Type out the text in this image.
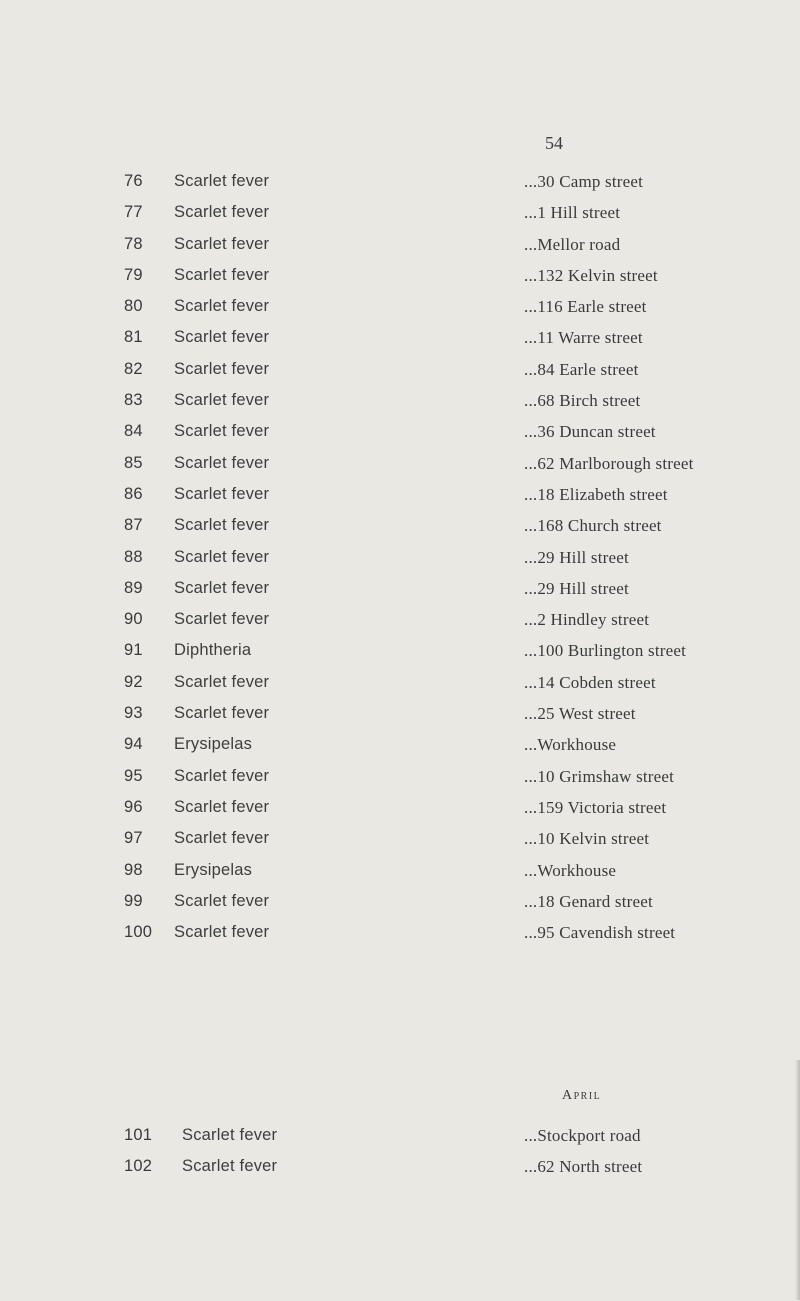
54
76 Scarlet fever	...30 Camp street
77 Scarlet fever	...1 Hill street
78 Scarlet fever	...Mellor road
79 Scarlet fever	...132 Kelvin street
80 Scarlet fever	...116 Earle street
81 Scarlet fever	...11 Warre street
82 Scarlet fever	...84 Earle street
83 Scarlet fever	...68 Birch street
84 Scarlet fever	...36 Duncan street
85 Scarlet fever	...62 Marlborough street
86 Scarlet fever	...18 Elizabeth street
87 Scarlet fever	...168 Church street
88 Scarlet fever	...29 Hill street
89 Scarlet fever	...29 Hill street
90 Scarlet fever	...2 Hindley street
91 Diphtheria	...100 Burlington street
92 Scarlet fever	...14 Cobden street
93 Scarlet fever	...25 West street
94 Erysipelas	...Workhouse
95 Scarlet fever	...10 Grimshaw street
96 Scarlet fever	...159 Victoria street
97 Scarlet fever	...10 Kelvin street
98 Erysipelas	...Workhouse
99 Scarlet fever	...18 Genard street
100 Scarlet fever	...95 Cavendish street
April
101 Scarlet fever	...Stockport road
102 Scarlet fever	...62 North street
